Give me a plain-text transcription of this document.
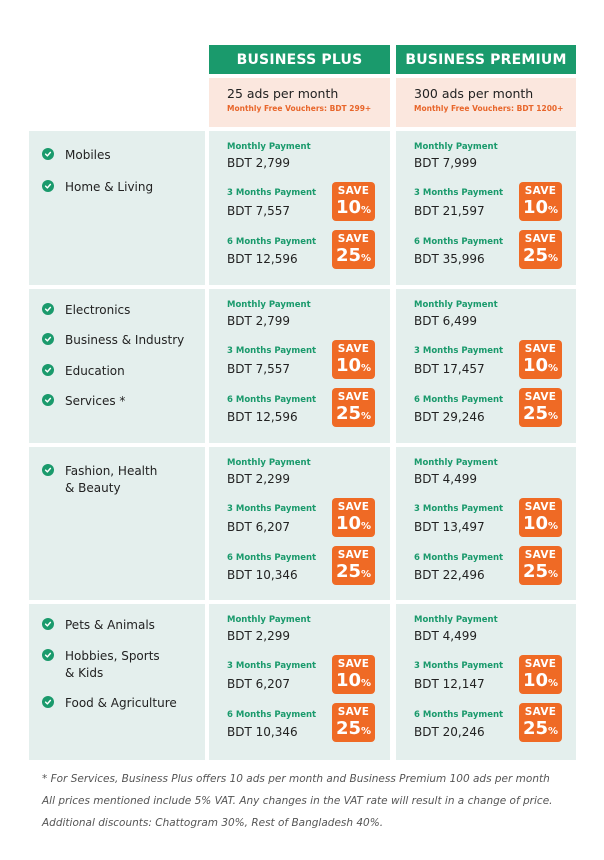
BUSINESS PLUS	BUSINESS PREMIUM
25 ads per month
Monthly Free Vouchers: BDT 299+
300 ads per month
Monthly Free Vouchers: BDT 1200+
Mobiles
Home & Living
Monthly Payment
BDT 2,799
3 Months Payment
BDT 7,557
6 Months Payment
BDT 12,596
SAVE
10%
SAVE
25%
Monthly Payment
BDT 7,999
3 Months Payment
BDT 21,597
6 Months Payment
BDT 35,996
SAVE
10%
SAVE
25%
Electronics
Business & Industry
Education
Services *
Monthly Payment
BDT 2,799
3 Months Payment
BDT 7,557
6 Months Payment
BDT 12,596
SAVE
10%
SAVE
25%
Monthly Payment
BDT 6,499
3 Months Payment
BDT 17,457
6 Months Payment
BDT 29,246
SAVE
10%
SAVE
25%
Fashion, Health
& Beauty
Monthly Payment
BDT 2,299
3 Months Payment
BDT 6,207
6 Months Payment
BDT 10,346
SAVE
10%
SAVE
25%
Monthly Payment
BDT 4,499
3 Months Payment
BDT 13,497
6 Months Payment
BDT 22,496
SAVE
10%
SAVE
25%
Pets & Animals
Hobbies, Sports
& Kids
Food & Agriculture
Monthly Payment
BDT 2,299
3 Months Payment
BDT 6,207
6 Months Payment
BDT 10,346
SAVE
10%
SAVE
25%
Monthly Payment
BDT 4,499
3 Months Payment
BDT 12,147
6 Months Payment
BDT 20,246
SAVE
10%
SAVE
25%
* For Services, Business Plus offers 10 ads per month and Business Premium 100 ads per month
All prices mentioned include 5% VAT. Any changes in the VAT rate will result in a change of price.
Additional discounts: Chattogram 30%, Rest of Bangladesh 40%.
